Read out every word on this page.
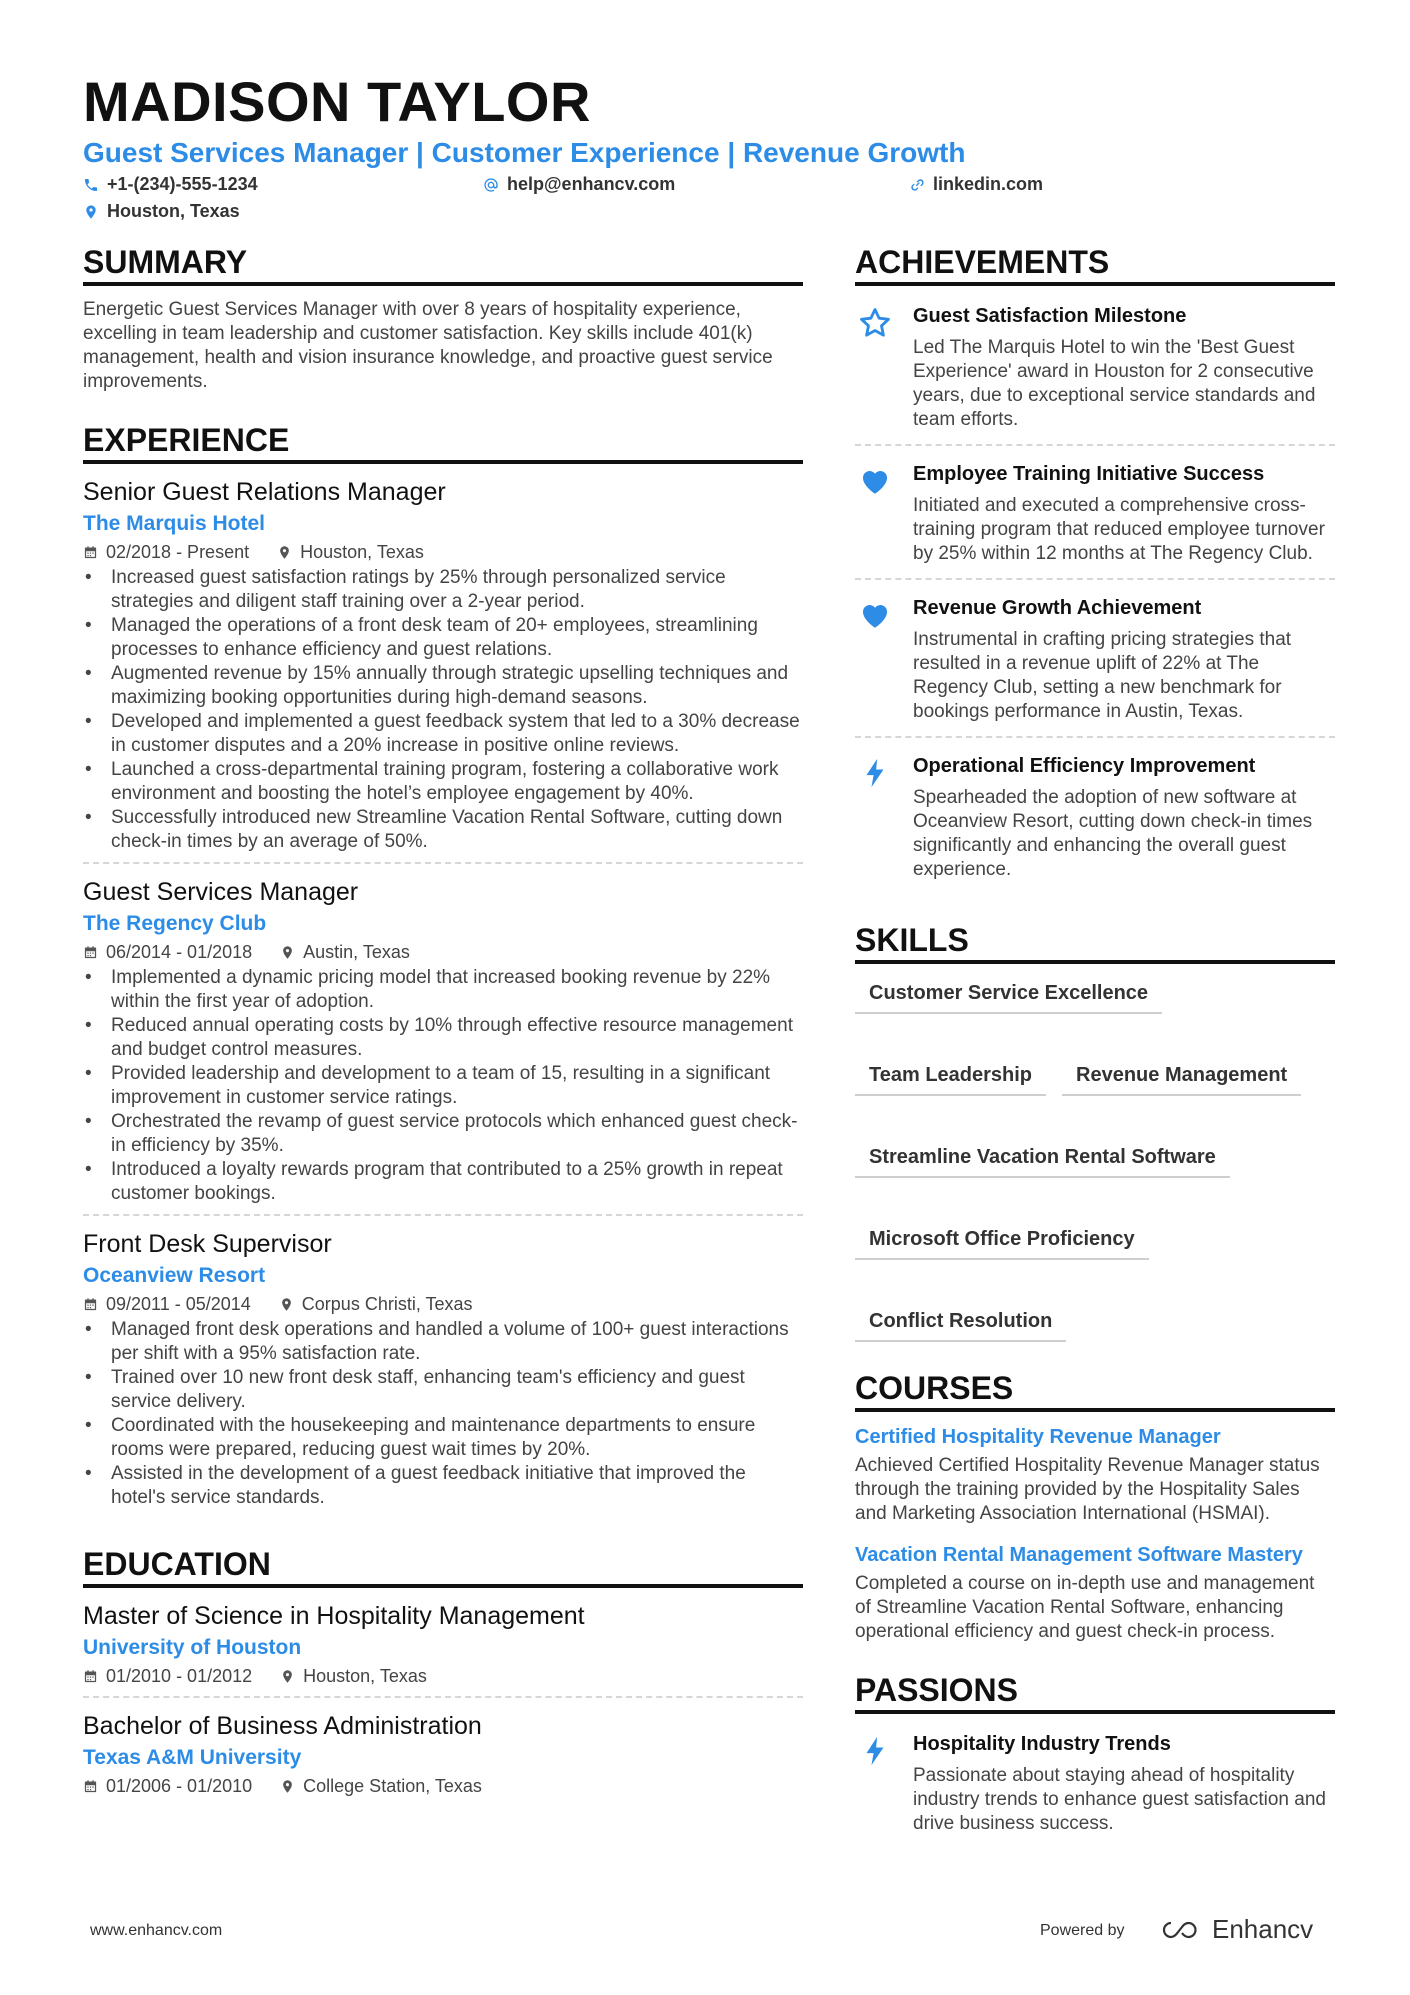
MADISON TAYLOR
Guest Services Manager | Customer Experience | Revenue Growth
+1-(234)-555-1234	help@enhancv.com	linkedin.com
Houston, Texas
SUMMARY
Energetic Guest Services Manager with over 8 years of hospitality experience, excelling in team leadership and customer satisfaction. Key skills include 401(k) management, health and vision insurance knowledge, and proactive guest service improvements.
EXPERIENCE
Senior Guest Relations Manager
The Marquis Hotel
02/2018 - Present	Houston, Texas
• Increased guest satisfaction ratings by 25% through personalized service strategies and diligent staff training over a 2-year period.
• Managed the operations of a front desk team of 20+ employees, streamlining processes to enhance efficiency and guest relations.
• Augmented revenue by 15% annually through strategic upselling techniques and maximizing booking opportunities during high-demand seasons.
• Developed and implemented a guest feedback system that led to a 30% decrease in customer disputes and a 20% increase in positive online reviews.
• Launched a cross-departmental training program, fostering a collaborative work environment and boosting the hotel’s employee engagement by 40%.
• Successfully introduced new Streamline Vacation Rental Software, cutting down check-in times by an average of 50%.
Guest Services Manager
The Regency Club
06/2014 - 01/2018	Austin, Texas
• Implemented a dynamic pricing model that increased booking revenue by 22% within the first year of adoption.
• Reduced annual operating costs by 10% through effective resource management and budget control measures.
• Provided leadership and development to a team of 15, resulting in a significant improvement in customer service ratings.
• Orchestrated the revamp of guest service protocols which enhanced guest check-in efficiency by 35%.
• Introduced a loyalty rewards program that contributed to a 25% growth in repeat customer bookings.
Front Desk Supervisor
Oceanview Resort
09/2011 - 05/2014	Corpus Christi, Texas
• Managed front desk operations and handled a volume of 100+ guest interactions per shift with a 95% satisfaction rate.
• Trained over 10 new front desk staff, enhancing team's efficiency and guest service delivery.
• Coordinated with the housekeeping and maintenance departments to ensure rooms were prepared, reducing guest wait times by 20%.
• Assisted in the development of a guest feedback initiative that improved the hotel's service standards.
EDUCATION
Master of Science in Hospitality Management
University of Houston
01/2010 - 01/2012	Houston, Texas
Bachelor of Business Administration
Texas A&M University
01/2006 - 01/2010	College Station, Texas
ACHIEVEMENTS
Guest Satisfaction Milestone
Led The Marquis Hotel to win the 'Best Guest Experience' award in Houston for 2 consecutive years, due to exceptional service standards and team efforts.
Employee Training Initiative Success
Initiated and executed a comprehensive cross-training program that reduced employee turnover by 25% within 12 months at The Regency Club.
Revenue Growth Achievement
Instrumental in crafting pricing strategies that resulted in a revenue uplift of 22% at The Regency Club, setting a new benchmark for bookings performance in Austin, Texas.
Operational Efficiency Improvement
Spearheaded the adoption of new software at Oceanview Resort, cutting down check-in times significantly and enhancing the overall guest experience.
SKILLS
Customer Service Excellence
Team Leadership	Revenue Management
Streamline Vacation Rental Software
Microsoft Office Proficiency
Conflict Resolution
COURSES
Certified Hospitality Revenue Manager
Achieved Certified Hospitality Revenue Manager status through the training provided by the Hospitality Sales and Marketing Association International (HSMAI).
Vacation Rental Management Software Mastery
Completed a course on in-depth use and management of Streamline Vacation Rental Software, enhancing operational efficiency and guest check-in process.
PASSIONS
Hospitality Industry Trends
Passionate about staying ahead of hospitality industry trends to enhance guest satisfaction and drive business success.
www.enhancv.com	Powered by	Enhancv
